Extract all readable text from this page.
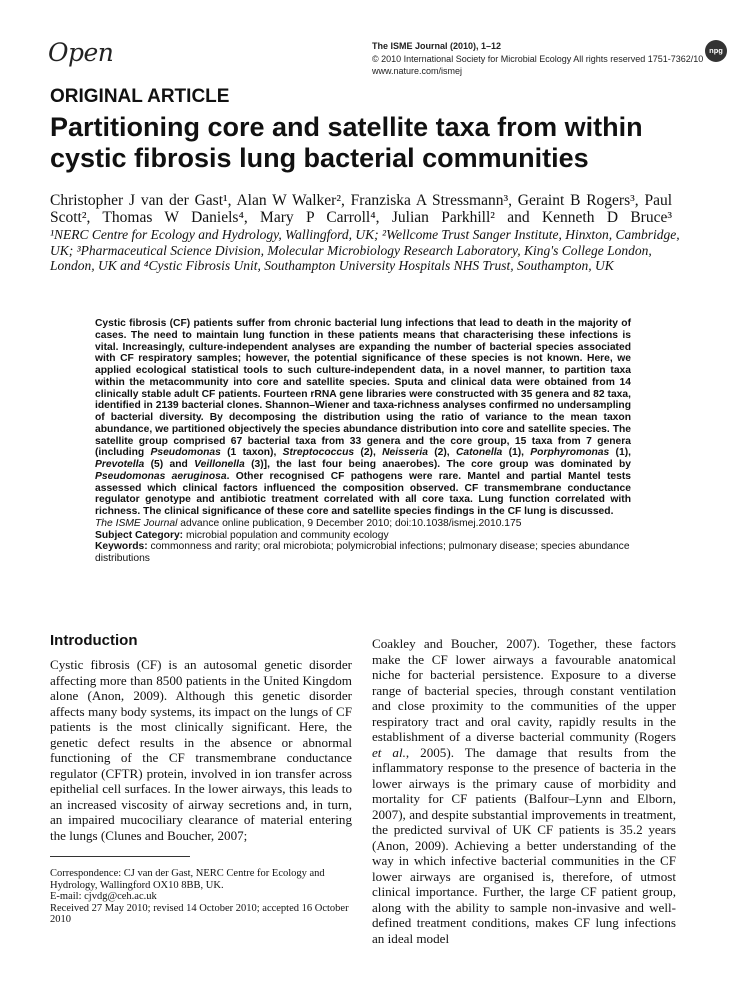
Open	The ISME Journal (2010), 1–12
© 2010 International Society for Microbial Ecology All rights reserved 1751-7362/10
www.nature.com/ismej
npg
ORIGINAL ARTICLE
Partitioning core and satellite taxa from within cystic fibrosis lung bacterial communities
Christopher J van der Gast¹, Alan W Walker², Franziska A Stressmann³, Geraint B Rogers³, Paul Scott², Thomas W Daniels⁴, Mary P Carroll⁴, Julian Parkhill² and Kenneth D Bruce³
¹NERC Centre for Ecology and Hydrology, Wallingford, UK; ²Wellcome Trust Sanger Institute, Hinxton, Cambridge, UK; ³Pharmaceutical Science Division, Molecular Microbiology Research Laboratory, King's College London, London, UK and ⁴Cystic Fibrosis Unit, Southampton University Hospitals NHS Trust, Southampton, UK
Cystic fibrosis (CF) patients suffer from chronic bacterial lung infections that lead to death in the majority of cases. The need to maintain lung function in these patients means that characterising these infections is vital. Increasingly, culture-independent analyses are expanding the number of bacterial species associated with CF respiratory samples; however, the potential significance of these species is not known. Here, we applied ecological statistical tools to such culture-independent data, in a novel manner, to partition taxa within the metacommunity into core and satellite species. Sputa and clinical data were obtained from 14 clinically stable adult CF patients. Fourteen rRNA gene libraries were constructed with 35 genera and 82 taxa, identified in 2139 bacterial clones. Shannon–Wiener and taxa-richness analyses confirmed no undersampling of bacterial diversity. By decomposing the distribution using the ratio of variance to the mean taxon abundance, we partitioned objectively the species abundance distribution into core and satellite species. The satellite group comprised 67 bacterial taxa from 33 genera and the core group, 15 taxa from 7 genera (including Pseudomonas (1 taxon), Streptococcus (2), Neisseria (2), Catonella (1), Porphyromonas (1), Prevotella (5) and Veillonella (3)], the last four being anaerobes). The core group was dominated by Pseudomonas aeruginosa. Other recognised CF pathogens were rare. Mantel and partial Mantel tests assessed which clinical factors influenced the composition observed. CF transmembrane conductance regulator genotype and antibiotic treatment correlated with all core taxa. Lung function correlated with richness. The clinical significance of these core and satellite species findings in the CF lung is discussed.
The ISME Journal advance online publication, 9 December 2010; doi:10.1038/ismej.2010.175
Subject Category: microbial population and community ecology
Keywords: commonness and rarity; oral microbiota; polymicrobial infections; pulmonary disease; species abundance distributions
Introduction
Cystic fibrosis (CF) is an autosomal genetic disorder affecting more than 8500 patients in the United Kingdom alone (Anon, 2009). Although this genetic disorder affects many body systems, its impact on the lungs of CF patients is the most clinically significant. Here, the genetic defect results in the absence or abnormal functioning of the CF transmembrane conductance regulator (CFTR) protein, involved in ion transfer across epithelial cell surfaces. In the lower airways, this leads to an increased viscosity of airway secretions and, in turn, an impaired mucociliary clearance of material entering the lungs (Clunes and Boucher, 2007;
Coakley and Boucher, 2007). Together, these factors make the CF lower airways a favourable anatomical niche for bacterial persistence. Exposure to a diverse range of bacterial species, through constant ventilation and close proximity to the communities of the upper respiratory tract and oral cavity, rapidly results in the establishment of a diverse bacterial community (Rogers et al., 2005). The damage that results from the inflammatory response to the presence of bacteria in the lower airways is the primary cause of morbidity and mortality for CF patients (Balfour–Lynn and Elborn, 2007), and despite substantial improvements in treatment, the predicted survival of UK CF patients is 35.2 years (Anon, 2009). Achieving a better understanding of the way in which infective bacterial communities in the CF lower airways are organised is, therefore, of utmost clinical importance. Further, the large CF patient group, along with the ability to sample non-invasive and well-defined treatment conditions, makes CF lung infections an ideal model
Correspondence: CJ van der Gast, NERC Centre for Ecology and Hydrology, Wallingford OX10 8BB, UK.
E-mail: cjvdg@ceh.ac.uk
Received 27 May 2010; revised 14 October 2010; accepted 16 October 2010
